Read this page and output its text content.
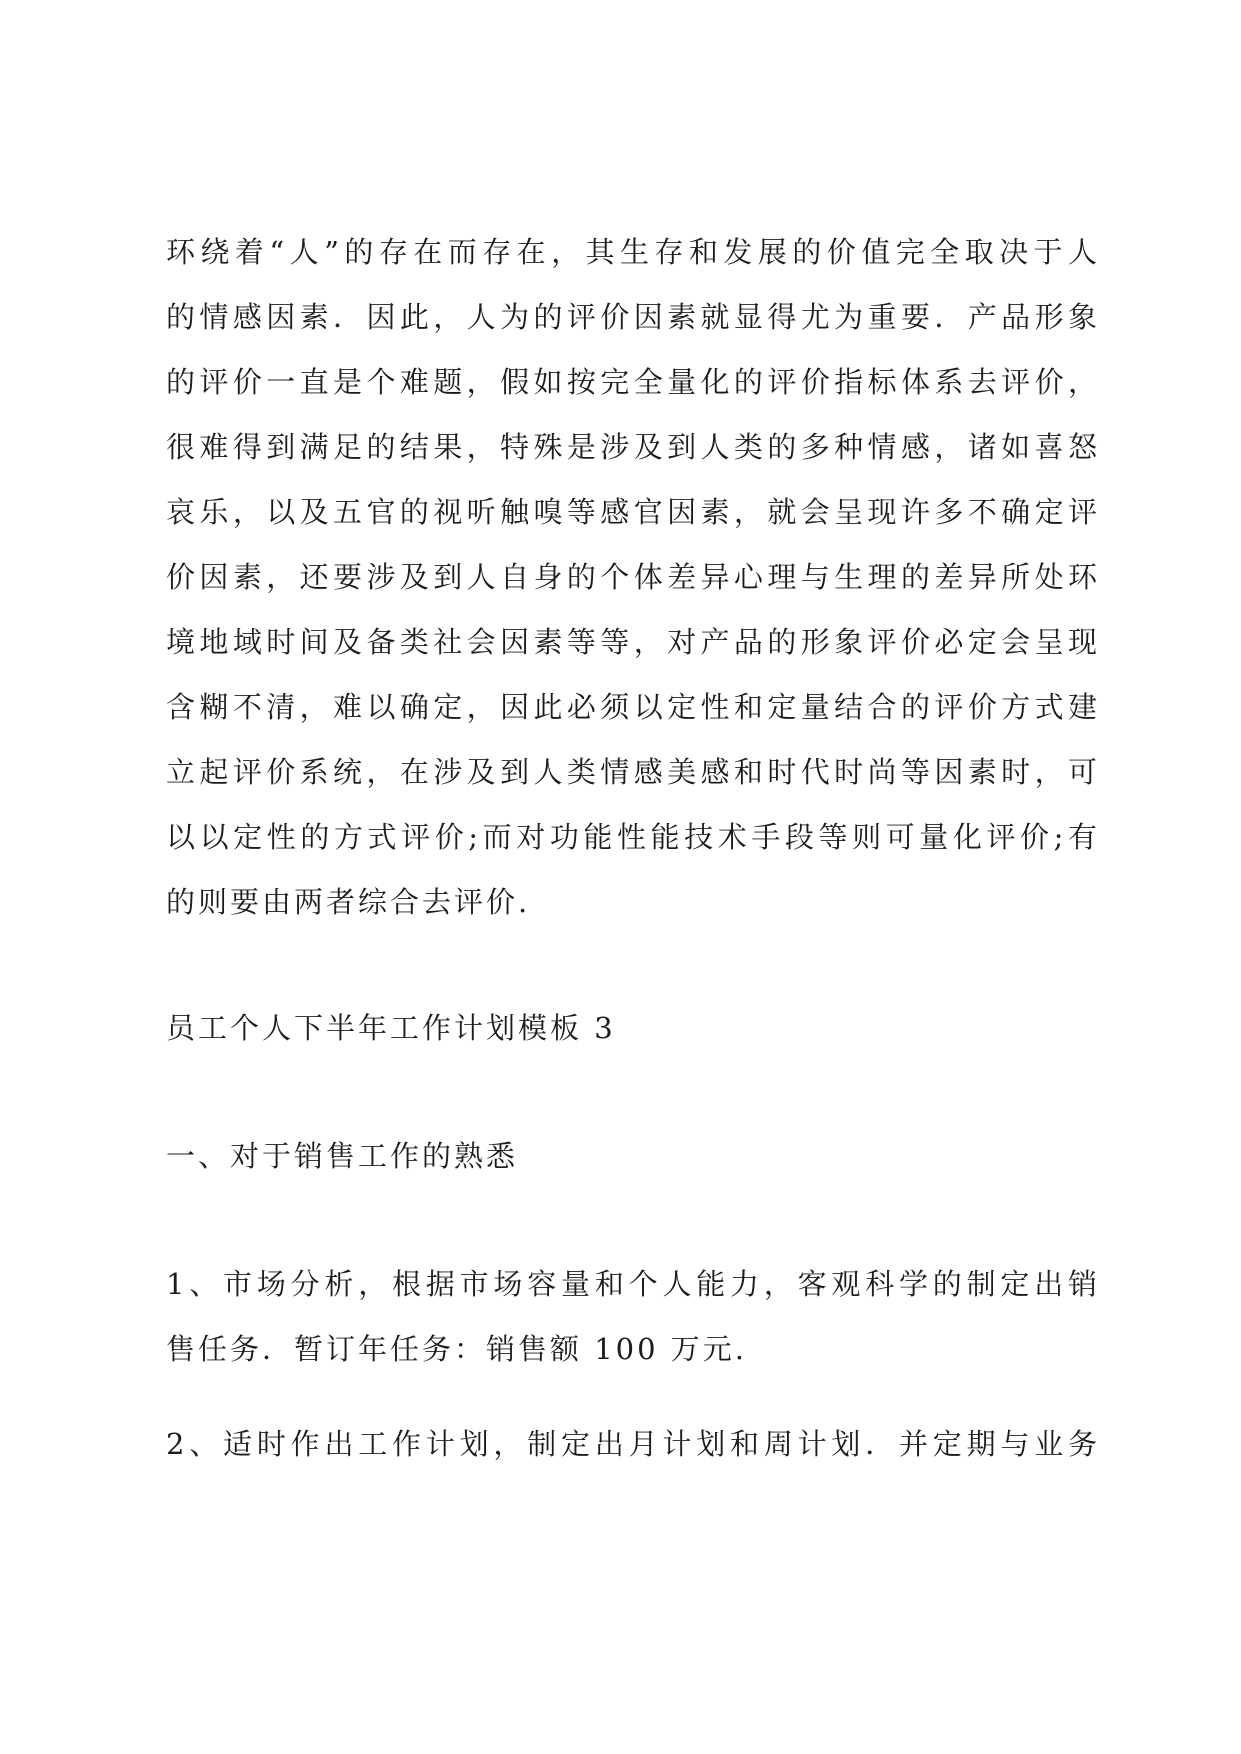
环绕着“人”的存在而存在，其生存和发展的价值完全取决于人
的情感因素．因此，人为的评价因素就显得尤为重要．产品形象
的评价一直是个难题，假如按完全量化的评价指标体系去评价，
很难得到满足的结果，特殊是涉及到人类的多种情感，诸如喜怒
哀乐，以及五官的视听触嗅等感官因素，就会呈现许多不确定评
价因素，还要涉及到人自身的个体差异心理与生理的差异所处环
境地域时间及备类社会因素等等，对产品的形象评价必定会呈现
含糊不清，难以确定，因此必须以定性和定量结合的评价方式建
立起评价系统，在涉及到人类情感美感和时代时尚等因素时，可
以以定性的方式评价;而对功能性能技术手段等则可量化评价;有
的则要由两者综合去评价.
员工个人下半年工作计划模板 3
一、对于销售工作的熟悉
1、市场分析，根据市场容量和个人能力，客观科学的制定出销
售任务．暂订年任务：销售额 100 万元.
2、适时作出工作计划，制定出月计划和周计划．并定期与业务
